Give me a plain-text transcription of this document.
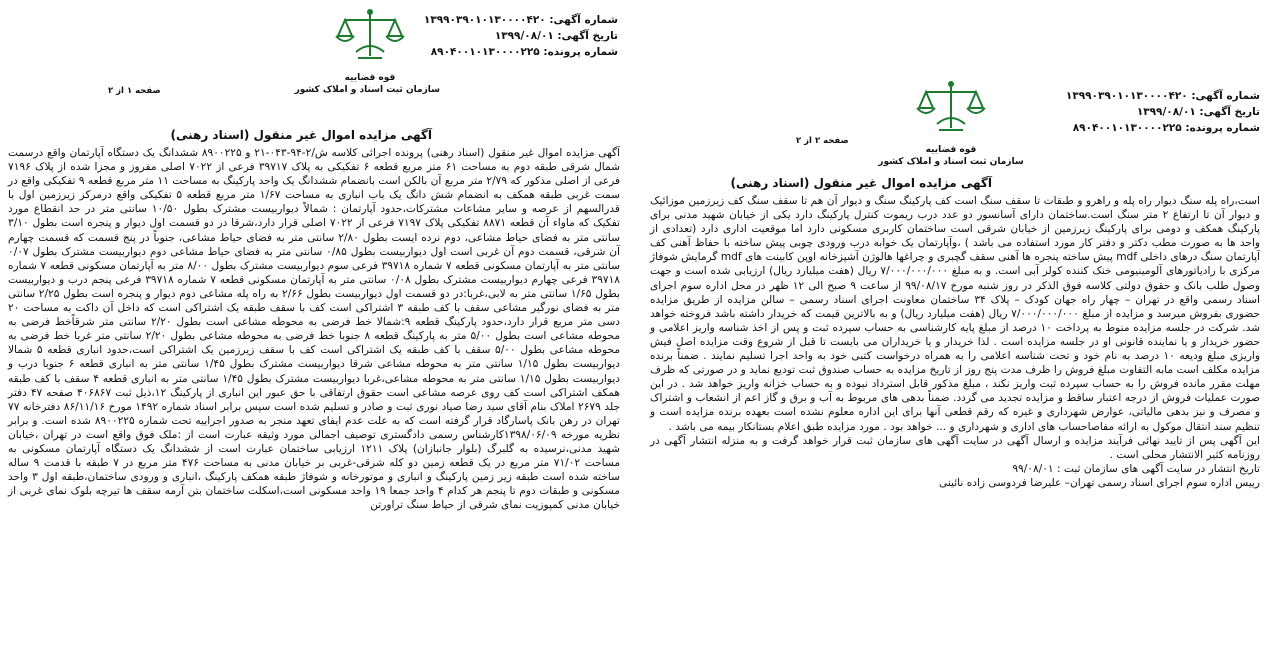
شماره آگهی: ۱۳۹۹۰۳۹۰۱۰۱۳۰۰۰۰۴۲۰
تاریخ آگهی: ۱۳۹۹/۰۸/۰۱
شماره پرونده: ۸۹۰۴۰۰۱۰۱۳۰۰۰۰۲۲۵
قوه قضاییه
سازمان ثبت اسناد و املاک کشور
صفحه ۱ از ۲
آگهی مزایده اموال غیر منقول (اسناد رهنی)

آگهی مزایده اموال غیر منقول (اسناد رهنی) پرونده اجرائی کلاسه ش/۲-۹۴-۰۴۳-۲۱ و ۸۹۰۰۲۲۵ ششدانگ یک دستگاه آپارتمان واقع درسمت شمال شرقی طبقه دوم به مساحت ۶۱ متر مربع قطعه ۶ تفکیکی به پلاک ۳۹۷۱۷ فرعی از ۷۰۲۲ اصلی مفروز و مجزا شده از پلاک ۷۱۹۶ فرعی از اصلی مذکور که ۲/۷۹ متر مربع آن بالکن است بانضمام ششدانگ یک واحد پارکینگ به مساحت ۱۱ متر مربع قطعه ۹ تفکیکی واقع در سمت غربی طبقه همکف به انضمام شش دانگ یک باب انباری به مساحت ۱/۶۷ متر مربع قطعه ۵ تفکیکی واقع درمرکز زیرزمین اول با قدرالسهم از عرصه و سایر مشاعات مشترکات،حدود آپارتمان : شمالاً دیواربیست مشترک بطول ۱۰/۵۰ سانتی متر در حد انقطاع مورد تفکیک که ماواء آن قطعه ۸۸۷۱ تفکیکی پلاک ۷۱۹۷ فرعی از ۷۰۲۲ اصلی قرار دارد،شرقا در دو قسمت اول دیوار و پنجره است بطول ۳/۱۰ سانتی متر به فضای حیاط مشاعی، دوم نرده ایست بطول ۲/۸۰ سانتی متر به فضای حیاط مشاعی، جنوباً در پنج قسمت که قسمت چهارم آن شرقی، قسمت دوم آن غربی است اول دیواربیست بطول ۰/۸۵ سانتی متر به فضای حیاط مشاعی دوم دیواربیست مشترک بطول ۰/۰۷ سانتی متر به آپارتمان مسکونی قطعه ۷ شماره ۳۹۷۱۸ فرعی سوم دیواربیست مشترک بطول ۸/۰۰ متر به آپارتمان مسکونی قطعه ۷ شماره ۳۹۷۱۸ فرعی چهارم دیواربیست مشترک بطول ۰/۰۸ سانتی متر به آپارتمان مسکونی قطعه ۷ شماره ۳۹۷۱۸ فرعی پنجم درب و دیواربیست بطول ۱/۶۵ سانتی متر به لابی،غربا:در دو قسمت اول دیواربیست بطول ۲/۶۶ به راه پله مشاعی دوم دیوار و پنجره است بطول ۲/۲۵ سانتی متر به فضای نورگیر مشاعی سقف با کف طبقه ۳ اشتراکی است کف با سقف طبقه یک اشتراکی است که داخل آن داکت به مساحت ۲۰ دسی متر مربع قرار دارد،حدود پارکینگ قطعه ۹:شمالا خط فرضی به محوطه مشاعی است بطول ۲/۲۰ سانتی متر شرقاًخط فرضی به محوطه مشاعی است بطول ۵/۰۰ متر به پارکینگ قطعه ۸ جنوبا خط فرضی به محوطه مشاعی بطول ۲/۲۰ سانتی متر غربا خط فرضی به محوطه مشاعی بطول ۵/۰۰ سقف با کف طبقه یک اشتراکی است کف با سقف زیرزمین یک اشتراکی است،حدود انباری قطعه ۵ شمالا دیواربیست بطول ۱/۱۵ سانتی متر به محوطه مشاعی شرقا دیواربیست مشترک بطول ۱/۴۵ سانتی متر به انباری قطعه ۶ جنوبا درب و دیواربیست بطول ۱/۱۵ سانتی متر به محوطه مشاعی،غربا دیواربیست مشترک بطول ۱/۴۵ سانتی متر به انباری قطعه ۴ سقف با کف طبقه همکف اشتراکی است کف روی عرصه مشاعی است حقوق ارتفاقی با حق عبور این انباری از پارکینگ ۱۲،ذیل ثبت ۴۰۶۸۶۷ صفحه ۴۷ دفتر جلد ۲۶۷۹ املاک بنام آقای سید رضا صیاد نوری ثبت و صادر و تسلیم شده است سپس برابر اسناد شماره ۱۴۹۲ مورخ ۸۶/۱۱/۱۶ دفترخانه ۷۷ تهران در رهن بانک پاسارگاد قرار گرفته است که به علت عدم ایفای تعهد منجر به صدور اجراییه تحت شماره ۸۹۰۰۲۲۵ شده است. و برابر نظریه مورخه ۱۳۹۸/۰۶/۰۹کارشناس رسمی دادگستری توصیف اجمالی مورد وثیقه عبارت است از :ملک فوق واقع است در تهران ،خیابان شهید مدنی،نرسیده به گلبرگ (بلوار جانبازان) پلاک ۱۲۱۱ ارزیابی ساختمان عبارت است از ششدانگ یک دستگاه آپارتمان مسکونی به مساحت ۷۱/۰۲ متر مربع در یک قطعه زمین دو کله شرقی-غربی بر خیابان مدنی به مساحت ۴۷۶ متر مربع در ۷ طبقه با قدمت ۹ ساله ساخته شده است طبقه زیر زمین پارکینگ و انباری و موتورخانه و شوفاژ طبقه همکف پارکینگ ،انباری و ورودی ساختمان،طبقه اول ۳ واحد مسکونی و طبقات دوم تا پنجم هر کدام ۴ واحد جمعا ۱۹ واحد مسکونی است،اسکلت ساختمان بتن آرمه سقف ها تیرچه بلوک نمای غربی از خیابان مدنی کمپوزیت نمای شرقی از حیاط سنگ تراورتن

شماره آگهی: ۱۳۹۹۰۳۹۰۱۰۱۳۰۰۰۰۴۲۰
تاریخ آگهی: ۱۳۹۹/۰۸/۰۱
شماره پرونده: ۸۹۰۴۰۰۱۰۱۳۰۰۰۰۲۲۵
قوه قضاییه
سازمان ثبت اسناد و املاک کشور
صفحه ۲ از ۲
آگهی مزایده اموال غیر منقول (اسناد رهنی)

است،راه پله سنگ دیوار راه پله و راهرو و طبقات تا سقف سنگ است کف پارکینگ سنگ و دیوار آن هم تا سقف سنگ کف زیرزمین موزائیک و دیوار آن تا ارتفاع ۲ متر سنگ است.ساختمان دارای آسانسور دو عدد درب ریموت کنترل پارکینگ دارد یکی از خیابان شهید مدنی برای پارکینگ همکف و دومی برای پارکینگ زیرزمین از خیابان شرقی است ساختمان کاربری مسکونی دارد اما موقعیت اداری دارد (تعدادی از واحد ها به صورت مطب دکتر و دفتر کار مورد استفاده می باشد ) ،وآپارتمان یک خوابه درب ورودی چوبی پیش ساخته با حفاظ آهنی کف آپارتمان سنگ درهای داخلی mdf پیش ساخته پنجره ها آهنی سقف گچبری و چراغها هالوژن آشپزخانه اوپن کابینت های mdf گرمایش شوفاژ مرکزی با رادیاتورهای آلومینیومی خنک کننده کولر آبی است. و به مبلغ ۷/۰۰۰/۰۰۰/۰۰۰ ریال (هفت میلیارد ریال) ارزیابی شده است و جهت وصول طلب بانک و حقوق دولتی کلاسه فوق الذکر در روز شنبه مورخ ۹۹/۰۸/۱۷ از ساعت ۹ صبح الی ۱۲ ظهر در محل اداره سوم اجرای اسناد رسمی واقع در تهران – چهار راه جهان کودک – پلاک ۳۴ ساختمان معاونت اجرای اسناد رسمی – سالن مزایده از طریق مزایده حضوری بفروش میرسد و مزایده از مبلغ ۷/۰۰۰/۰۰۰/۰۰۰ ریال (هفت میلیارد ریال) و به بالاترین قیمت که خریدار داشته باشد فروخته خواهد شد. شرکت در جلسه مزایده منوط به پرداخت ۱۰ درصد از مبلغ پایه کارشناسی به حساب سپرده ثبت و پس از اخذ شناسه واریز اعلامی و حضور خریدار و یا نماینده قانونی او در جلسه مزایده است . لذا خریدار و یا خریداران می بایست تا قبل از شروع وقت مزایده اصل فیش واریزی مبلغ ودیعه ۱۰ درصد به نام خود و تحت شناسه اعلامی را به همراه درخواست کتبی خود به واحد اجرا تسلیم نمایند . ضمناً برنده مزایده مکلف است مابه التفاوت مبلغ فروش را ظرف مدت پنج روز از تاریخ مزایده به حساب صندوق ثبت تودیع نماید و در صورتی که ظرف مهلت مقرر مانده فروش را به حساب سپرده ثبت واریز نکند ، مبلغ مذکور قابل استرداد نبوده و به حساب خزانه واریز خواهد شد . در این صورت عملیات فروش از درجه اعتبار ساقط و مزایده تجدید می گردد. ضمناً بدهی های مربوط به آب و برق و گاز اعم از انشعاب و اشتراک و مصرف و نیز بدهی مالیاتی، عوارض شهرداری و غیره که رقم قطعی آنها برای این اداره معلوم نشده است بعهده برنده مزایده است و تنظیم سند انتقال موکول به ارائه مفاصاحساب های اداری و شهرداری و ... خواهد بود . مورد مزایده طبق اعلام بستانکار بیمه می باشد .
این آگهی پس از تایید نهائی فرآیند مزایده و ارسال آگهی در سایت آگهی های سازمان ثبت قرار خواهد گرفت و به منزله انتشار آگهی در روزنامه کثیر الانتشار محلی است .
تاریخ انتشار در سایت آگهی های سازمان ثبت : ۹۹/۰۸/۰۱

رییس اداره سوم اجرای اسناد رسمی تهران– علیرضا فردوسی زاده نائینی
